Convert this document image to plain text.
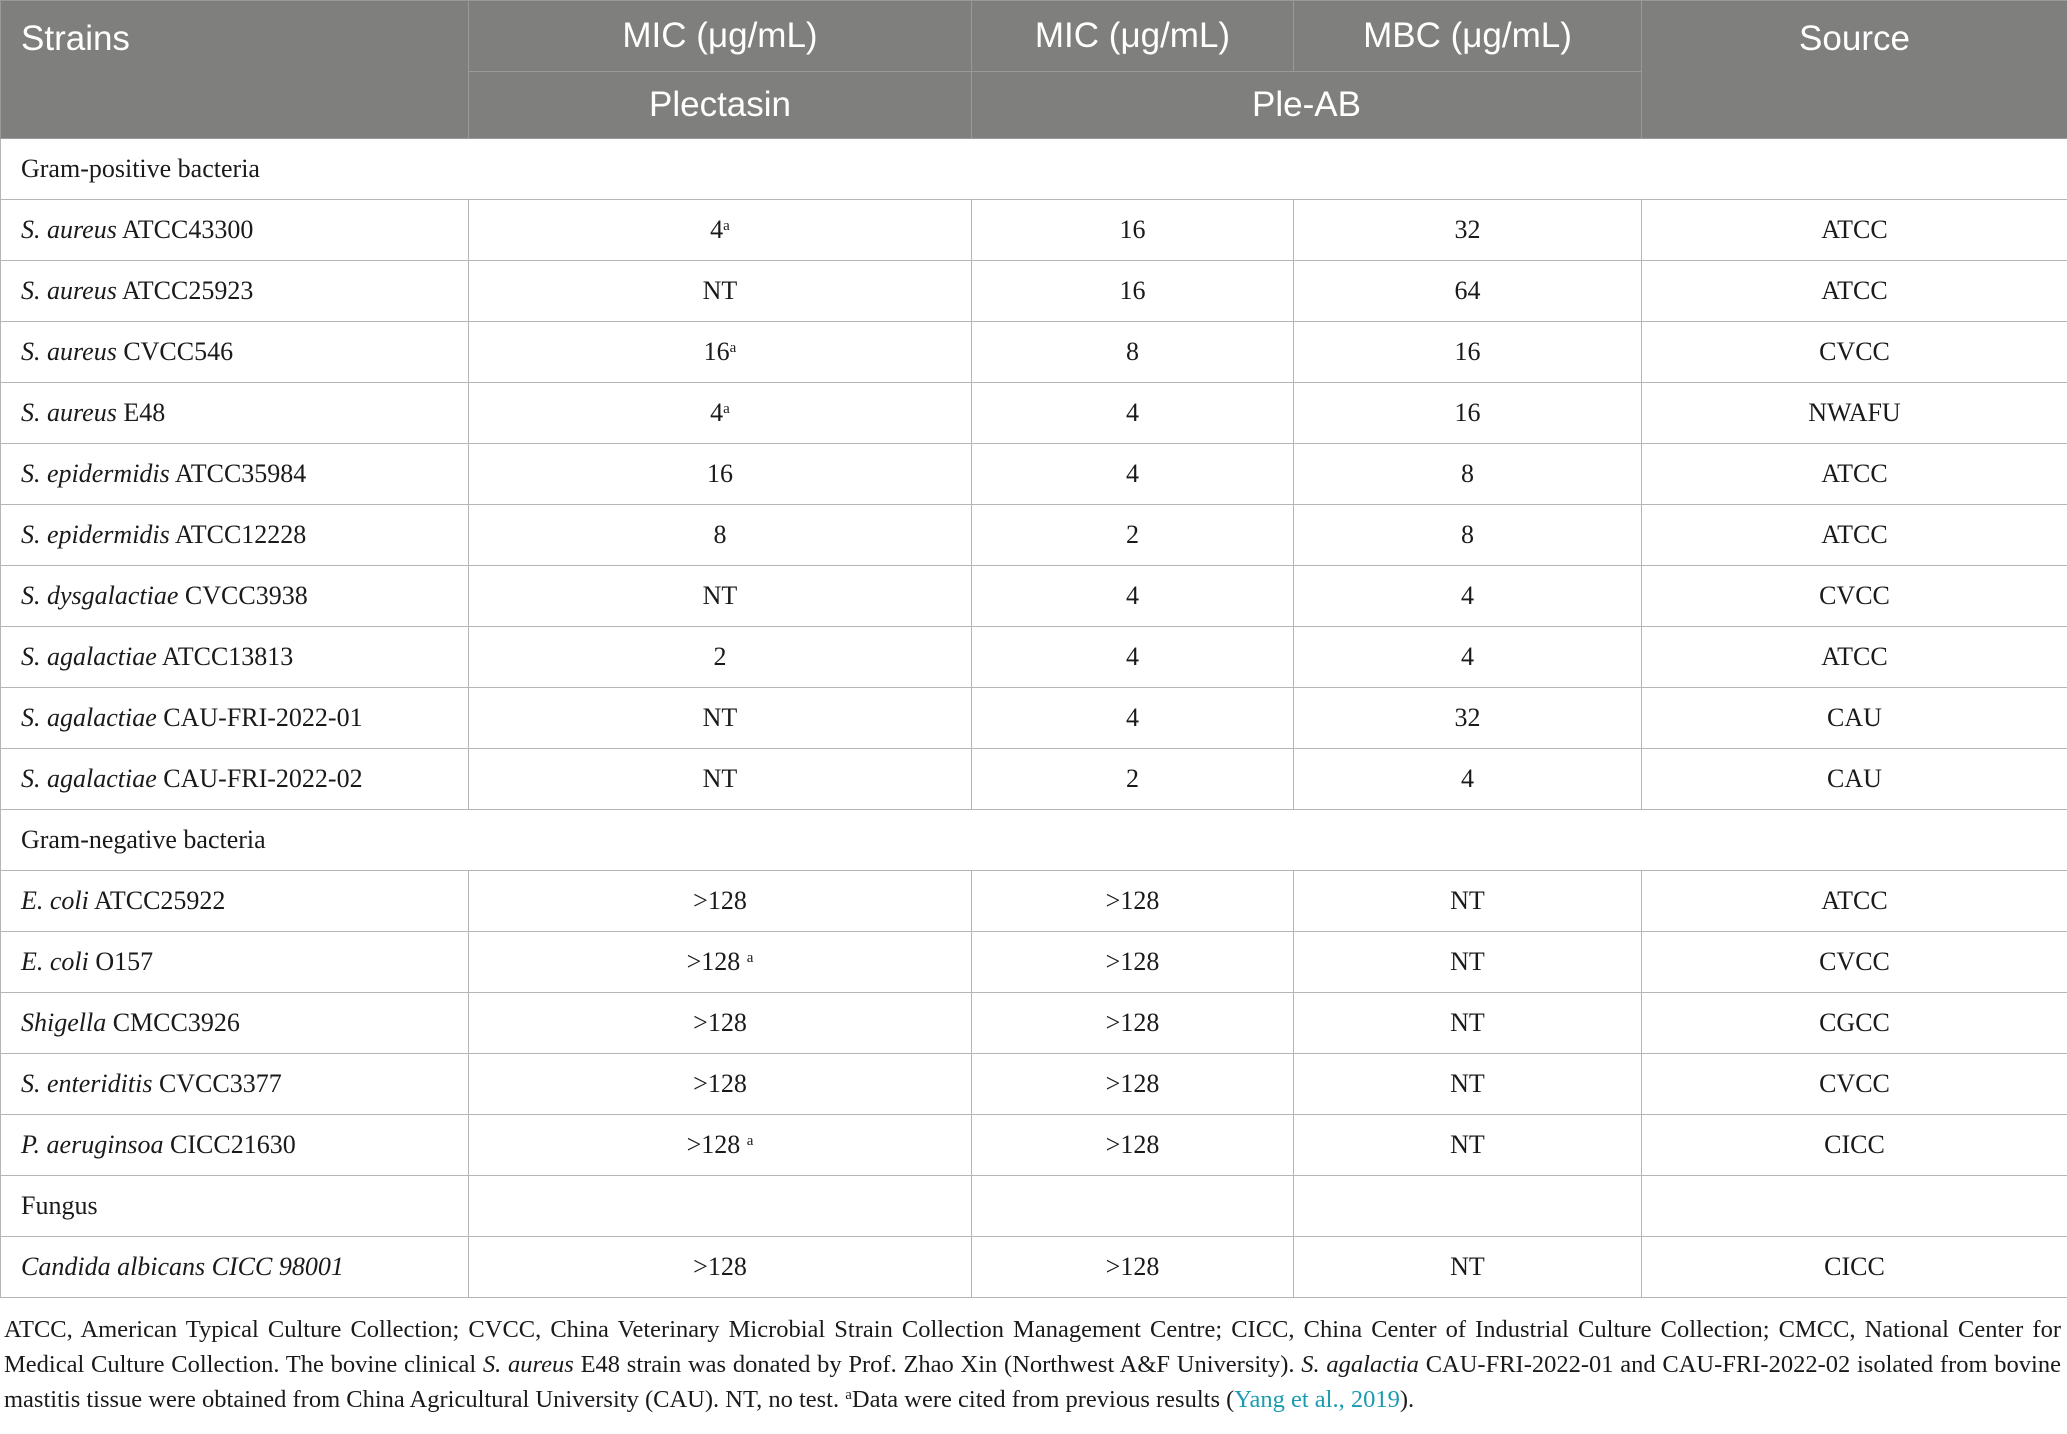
Strains	MIC (μg/mL)	MIC (μg/mL)	MBC (μg/mL)	Source
	Plectasin	Ple-AB		
Gram-positive bacteria				
S. aureus ATCC43300	4$^a$	16	32	ATCC
S. aureus ATCC25923	NT	16	64	ATCC
S. aureus CVCC546	16$^a$	8	16	CVCC
S. aureus E48	4$^a$	4	16	NWAFU
S. epidermidis ATCC35984	16	4	8	ATCC
S. epidermidis ATCC12228	8	2	8	ATCC
S. dysgalactiae CVCC3938	NT	4	4	CVCC
S. agalactiae ATCC13813	2	4	4	ATCC
S. agalactiae CAU-FRI-2022-01	NT	4	32	CAU
S. agalactiae CAU-FRI-2022-02	NT	2	4	CAU
Gram-negative bacteria				
E. coli ATCC25922	>128	>128	NT	ATCC
E. coli O157	>128 $^a$	>128	NT	CVCC
Shigella CMCC3926	>128	>128	NT	CGCC
S. enteriditis CVCC3377	>128	>128	NT	CVCC
P. aeruginsoa CICC21630	>128 $^a$	>128	NT	CICC
Fungus				
Candida albicans CICC 98001	>128	>128	NT	CICC
ATCC, American Typical Culture Collection; CVCC, China Veterinary Microbial Strain Collection Management Centre; CICC, China Center of Industrial Culture Collection; CMCC, National Center for Medical Culture Collection. The bovine clinical S. aureus E48 strain was donated by Prof. Zhao Xin (Northwest A&F University). S. agalactia CAU-FRI-2022-01 and CAU-FRI-2022-02 isolated from bovine mastitis tissue were obtained from China Agricultural University (CAU). NT, no test. $^a$Data were cited from previous results (Yang et al., 2019).
